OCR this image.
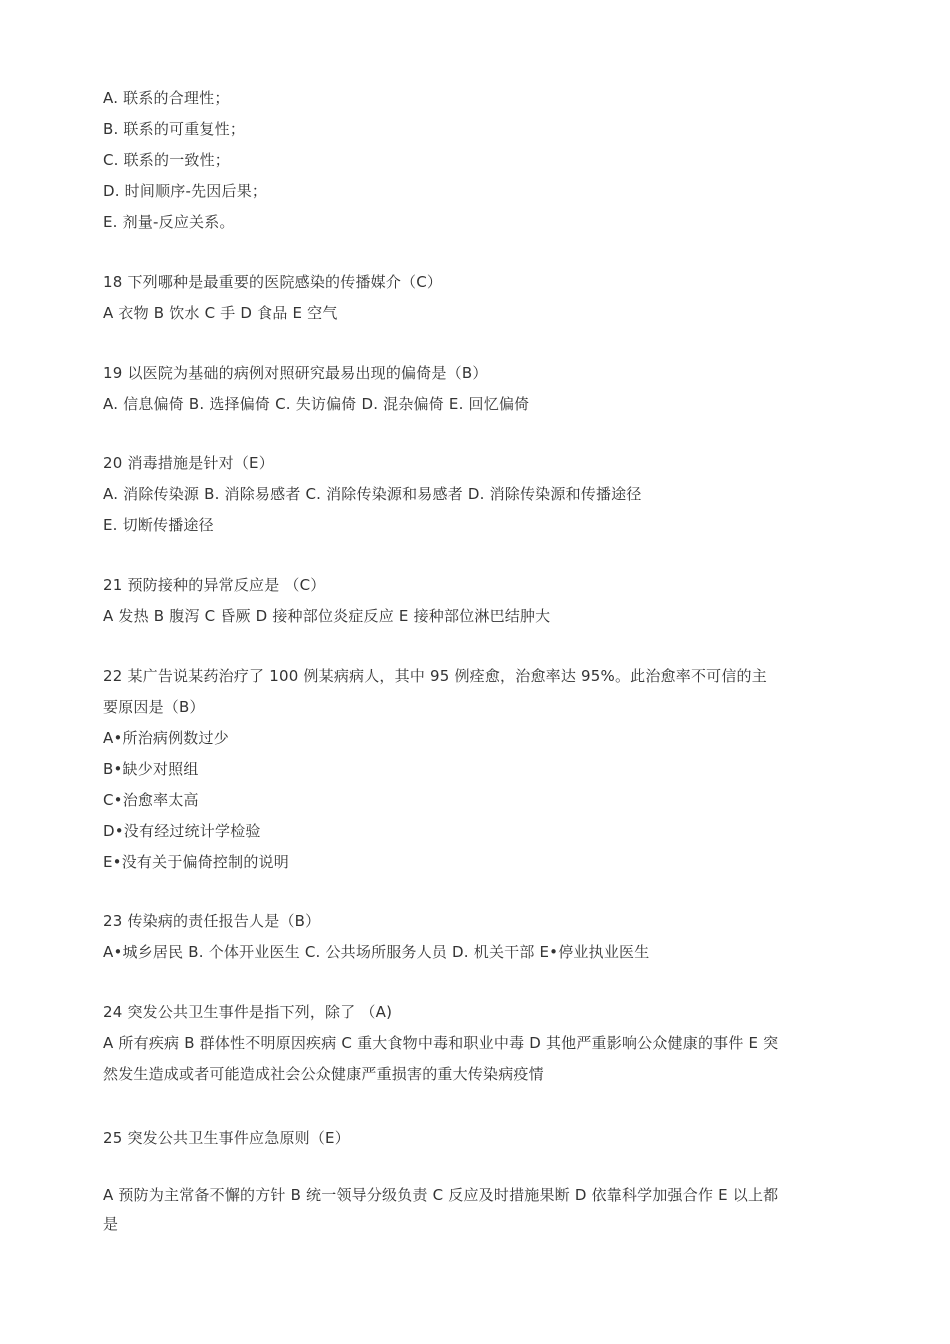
A. 联系的合理性；
B. 联系的可重复性；
C. 联系的一致性；
D. 时间顺序-先因后果；
E. 剂量-反应关系。
18 下列哪种是最重要的医院感染的传播媒介（C）
A 衣物 B 饮水 C 手 D 食品 E 空气
19 以医院为基础的病例对照研究最易出现的偏倚是（B）
A. 信息偏倚 B. 选择偏倚 C. 失访偏倚 D. 混杂偏倚 E. 回忆偏倚
20 消毒措施是针对（E）
A. 消除传染源 B. 消除易感者 C. 消除传染源和易感者 D. 消除传染源和传播途径
E. 切断传播途径
21 预防接种的异常反应是 （C）
A 发热 B 腹泻 C 昏厥 D 接种部位炎症反应 E 接种部位淋巴结肿大
22 某广告说某药治疗了 100 例某病病人，其中 95 例痊愈，治愈率达 95%。此治愈率不可信的主
要原因是（B）
A•所治病例数过少
B•缺少对照组
C•治愈率太高
D•没有经过统计学检验
E•没有关于偏倚控制的说明
23 传染病的责任报告人是（B）
A•城乡居民 B. 个体开业医生 C. 公共场所服务人员 D. 机关干部 E•停业执业医生
24 突发公共卫生事件是指下列，除了 （A)
A 所有疾病 B 群体性不明原因疾病 C 重大食物中毒和职业中毒 D 其他严重影响公众健康的事件 E 突
然发生造成或者可能造成社会公众健康严重损害的重大传染病疫情
25 突发公共卫生事件应急原则（E）
A 预防为主常备不懈的方针 B 统一领导分级负责 C 反应及时措施果断 D 依靠科学加强合作 E 以上都
是
